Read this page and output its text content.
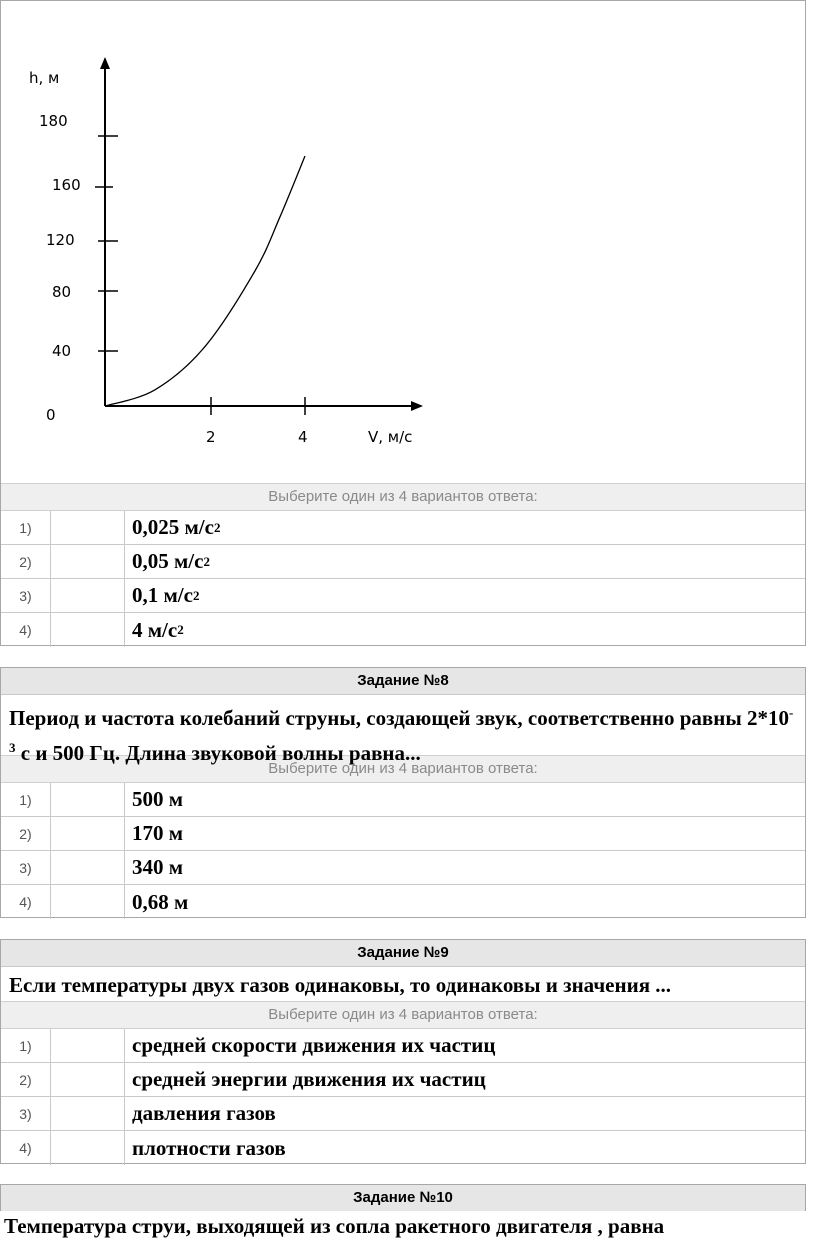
h, м
V, м/с
0
40
80
120
160
180
2	4
Выберите один из 4 вариантов ответа:
1)	0,025 м/с 2
2)	0,05 м/с 2
3)	0,1 м/с 2
4)	4 м/с 2
Задание №8
Период и частота колебаний струны, создающей звук, соответственно равны $2*10^{-3}$ с и 500 Гц. Длина звуковой волны равна...
Выберите один из 4 вариантов ответа:
1)	500 м
2)	170 м
3)	340 м
4)	0,68 м
Задание №9
Если температуры двух газов одинаковы, то одинаковы и значения ...
Выберите один из 4 вариантов ответа:
1)	средней скорости движения их частиц
2)	средней энергии движения их частиц
3)	давления газов
4)	плотности газов
Задание №10
Температура струи, выходящей из сопла ракетного двигателя , равна
